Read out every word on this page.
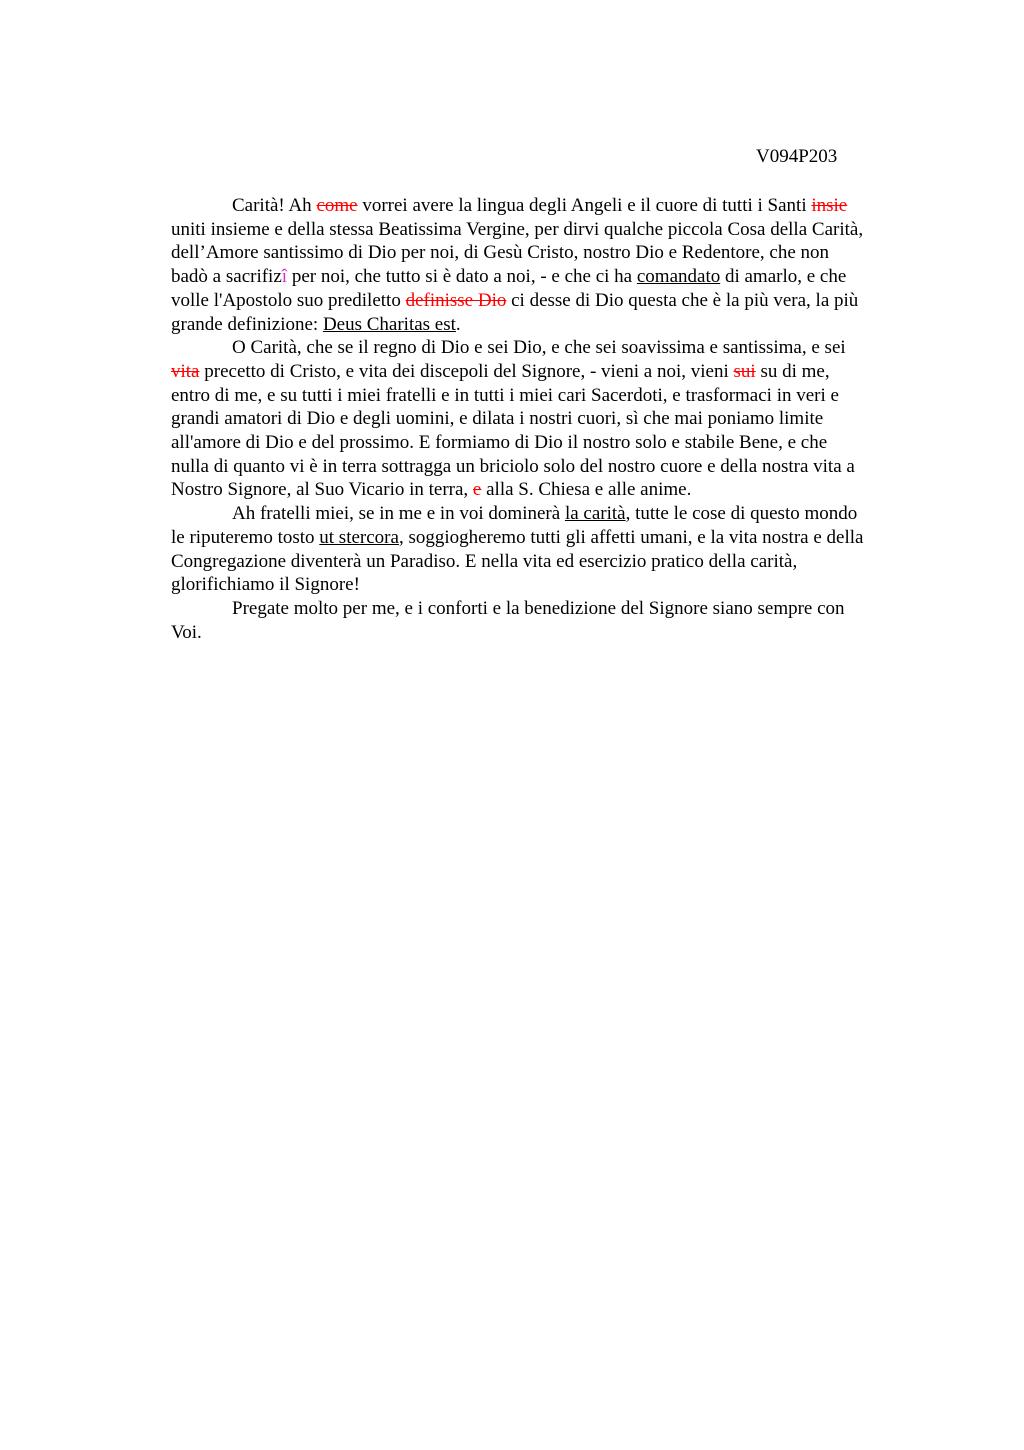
V094P203

Carità! Ah come vorrei avere la lingua degli Angeli e il cuore di tutti i Santi insie
uniti insieme e della stessa Beatissima Vergine, per dirvi qualche piccola Cosa della Carità,
dell’Amore santissimo di Dio per noi, di Gesù Cristo, nostro Dio e Redentore, che non
badò a sacrifizî per noi, che tutto si è dato a noi, - e che ci ha comandato di amarlo, e che
volle l'Apostolo suo prediletto definisse Dio ci desse di Dio questa che è la più vera, la più
grande definizione: Deus Charitas est.

O Carità, che se il regno di Dio e sei Dio, e che sei soavissima e santissima, e sei
vita precetto di Cristo, e vita dei discepoli del Signore, - vieni a noi, vieni sui su di me,
entro di me, e su tutti i miei fratelli e in tutti i miei cari Sacerdoti, e trasformaci in veri e
grandi amatori di Dio e degli uomini, e dilata i nostri cuori, sì che mai poniamo limite
all'amore di Dio e del prossimo. E formiamo di Dio il nostro solo e stabile Bene, e che
nulla di quanto vi è in terra sottragga un briciolo solo del nostro cuore e della nostra vita a
Nostro Signore, al Suo Vicario in terra, e alla S. Chiesa e alle anime.

Ah fratelli miei, se in me e in voi dominerà la carità, tutte le cose di questo mondo
le riputeremo tosto ut stercora, soggiogheremo tutti gli affetti umani, e la vita nostra e della
Congregazione diventerà un Paradiso. E nella vita ed esercizio pratico della carità,
glorifichiamo il Signore!

Pregate molto per me, e i conforti e la benedizione del Signore siano sempre con
Voi.
